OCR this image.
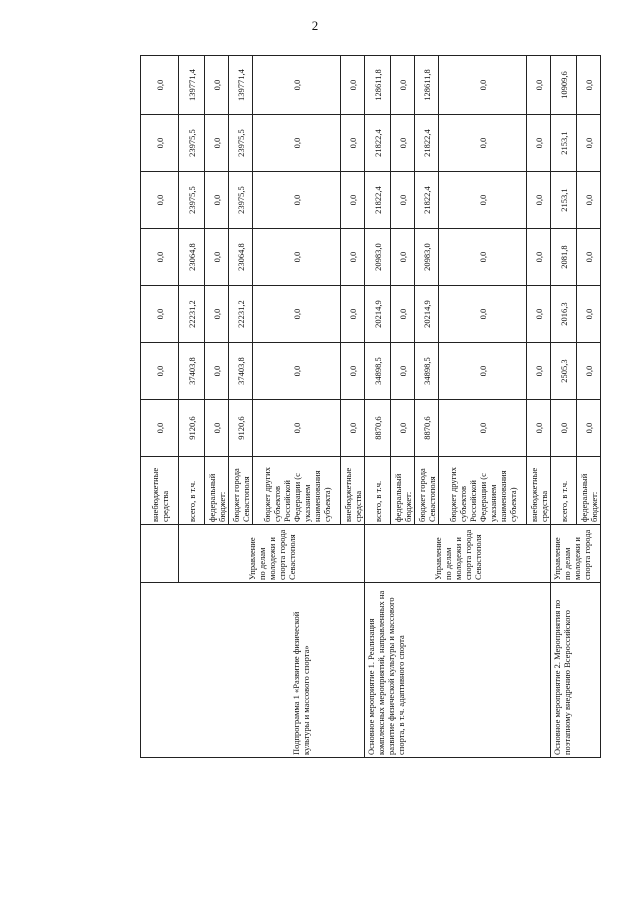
2
Подпрограмма 1 «Развитие физической культуры и массового спорта»		внебюджетные средства	0,0	0,0	0,0	0,0	0,0	0,0	0,0
	Управление по делам молодежи и спорта города Севастополя	всего, в т.ч.	9120,6	37403,8	22231,2	23064,8	23975,5	23975,5	139771,4
		федеральный бюджет:	0,0	0,0	0,0	0,0	0,0	0,0	0,0
		бюджет города Севастополя	9120,6	37403,8	22231,2	23064,8	23975,5	23975,5	139771,4
		бюджет других субъектов Российской Федерации (с указанием наименования субъекта)	0,0	0,0	0,0	0,0	0,0	0,0	0,0
		внебюджетные средства	0,0	0,0	0,0	0,0	0,0	0,0	0,0
Основное мероприятие 1. Реализация комплексных мероприятий, направленных на развитие физической культуры и массового спорта, в т.ч. адаптивного спорта	Управление по делам молодежи и спорта города Севастополя	всего, в т.ч.	8870,6	34898,5	20214,9	20983,0	21822,4	21822,4	128611,8
		федеральный бюджет:	0,0	0,0	0,0	0,0	0,0	0,0	0,0
		бюджет города Севастополя	8870,6	34898,5	20214,9	20983,0	21822,4	21822,4	128611,8
		бюджет других субъектов Российской Федерации (с указанием наименования субъекта)	0,0	0,0	0,0	0,0	0,0	0,0	0,0
		внебюджетные средства	0,0	0,0	0,0	0,0	0,0	0,0	0,0
Основное мероприятие 2. Мероприятия по поэтапному внедрению Всероссийского	Управление по делам молодежи и спорта города	всего, в т.ч.	0,0	2505,3	2016,3	2081,8	2153,1	2153,1	10909,6
		федеральный бюджет:	0,0	0,0	0,0	0,0	0,0	0,0	0,0
